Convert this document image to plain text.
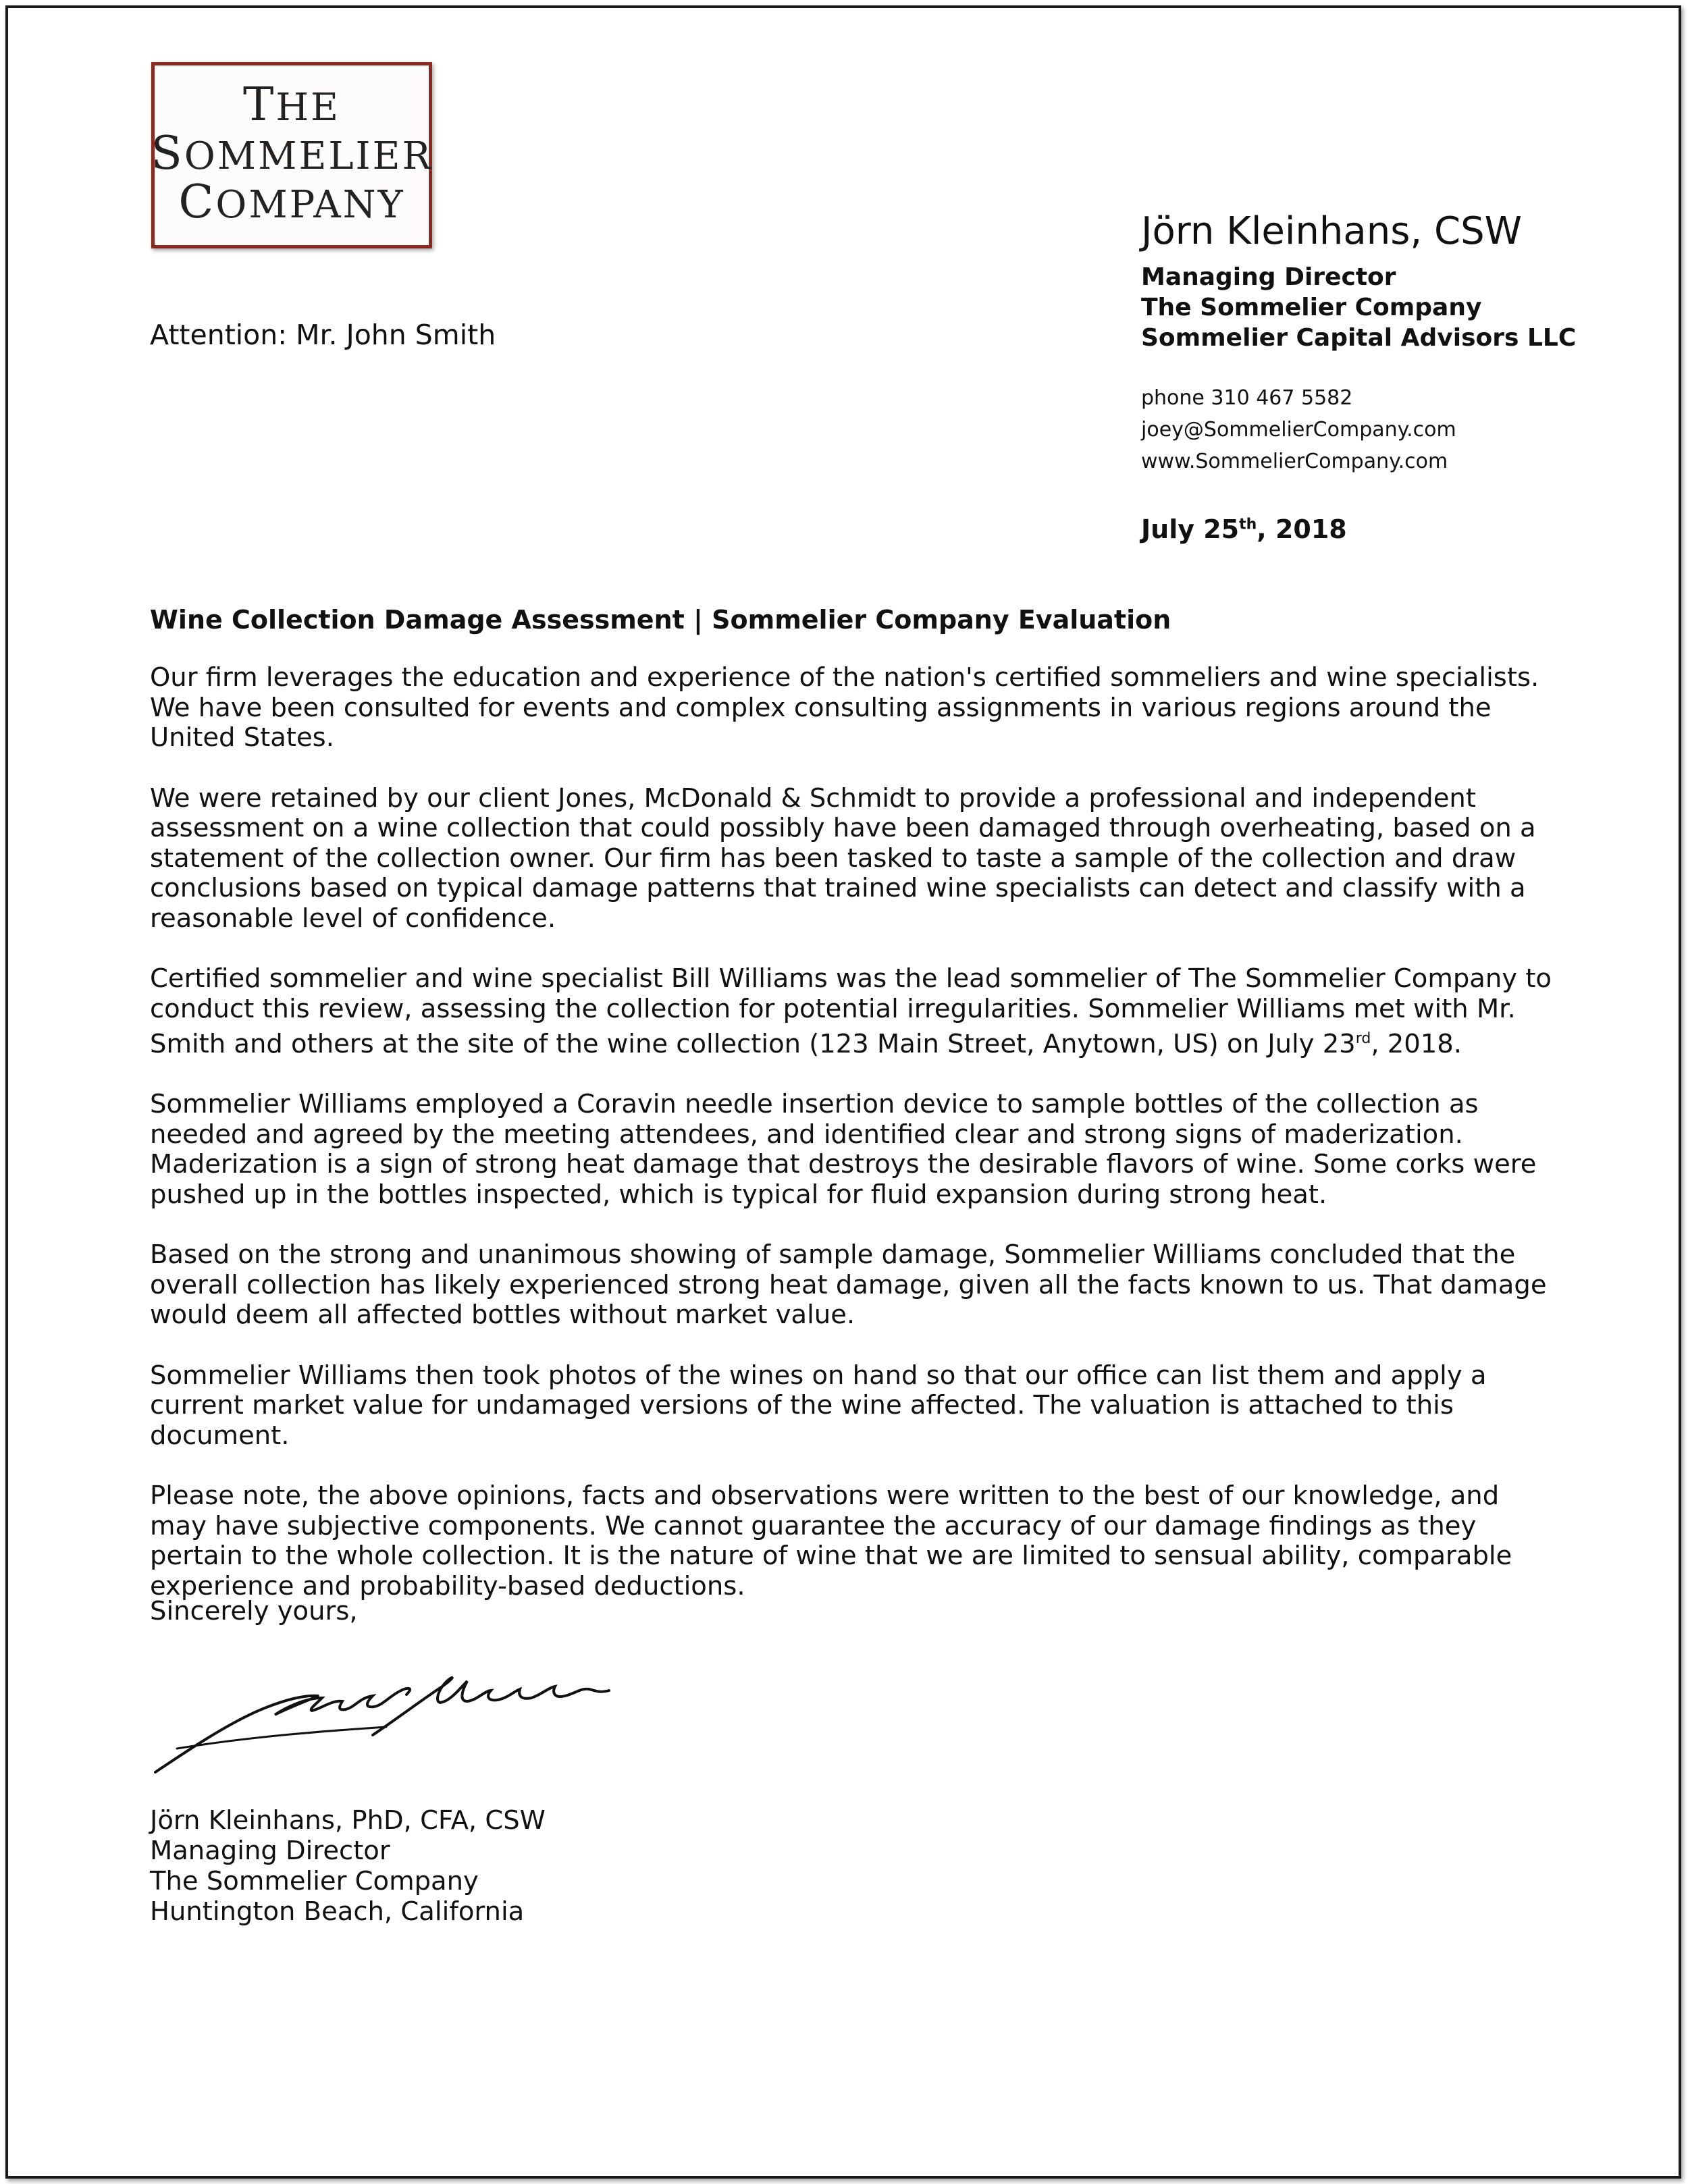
THE
SOMMELIER
COMPANY
Jörn Kleinhans, CSW
Managing Director
The Sommelier Company
Sommelier Capital Advisors LLC
phone 310 467 5582
joey@SommelierCompany.com
www.SommelierCompany.com
July 25th, 2018
Attention: Mr. John Smith
Wine Collection Damage Assessment | Sommelier Company Evaluation

Our firm leverages the education and experience of the nation's certified sommeliers and wine specialists. We have been consulted for events and complex consulting assignments in various regions around the United States.

We were retained by our client Jones, McDonald & Schmidt to provide a professional and independent assessment on a wine collection that could possibly have been damaged through overheating, based on a statement of the collection owner. Our firm has been tasked to taste a sample of the collection and draw conclusions based on typical damage patterns that trained wine specialists can detect and classify with a reasonable level of confidence.

Certified sommelier and wine specialist Bill Williams was the lead sommelier of The Sommelier Company to conduct this review, assessing the collection for potential irregularities. Sommelier Williams met with Mr. Smith and others at the site of the wine collection (123 Main Street, Anytown, US) on July 23rd, 2018.

Sommelier Williams employed a Coravin needle insertion device to sample bottles of the collection as needed and agreed by the meeting attendees, and identified clear and strong signs of maderization. Maderization is a sign of strong heat damage that destroys the desirable flavors of wine. Some corks were pushed up in the bottles inspected, which is typical for fluid expansion during strong heat.

Based on the strong and unanimous showing of sample damage, Sommelier Williams concluded that the overall collection has likely experienced strong heat damage, given all the facts known to us. That damage would deem all affected bottles without market value.

Sommelier Williams then took photos of the wines on hand so that our office can list them and apply a current market value for undamaged versions of the wine affected. The valuation is attached to this document.

Please note, the above opinions, facts and observations were written to the best of our knowledge, and may have subjective components. We cannot guarantee the accuracy of our damage findings as they pertain to the whole collection. It is the nature of wine that we are limited to sensual ability, comparable experience and probability-based deductions.

Sincerely yours,
Jörn Kleinhans, PhD, CFA, CSW
Managing Director
The Sommelier Company
Huntington Beach, California
